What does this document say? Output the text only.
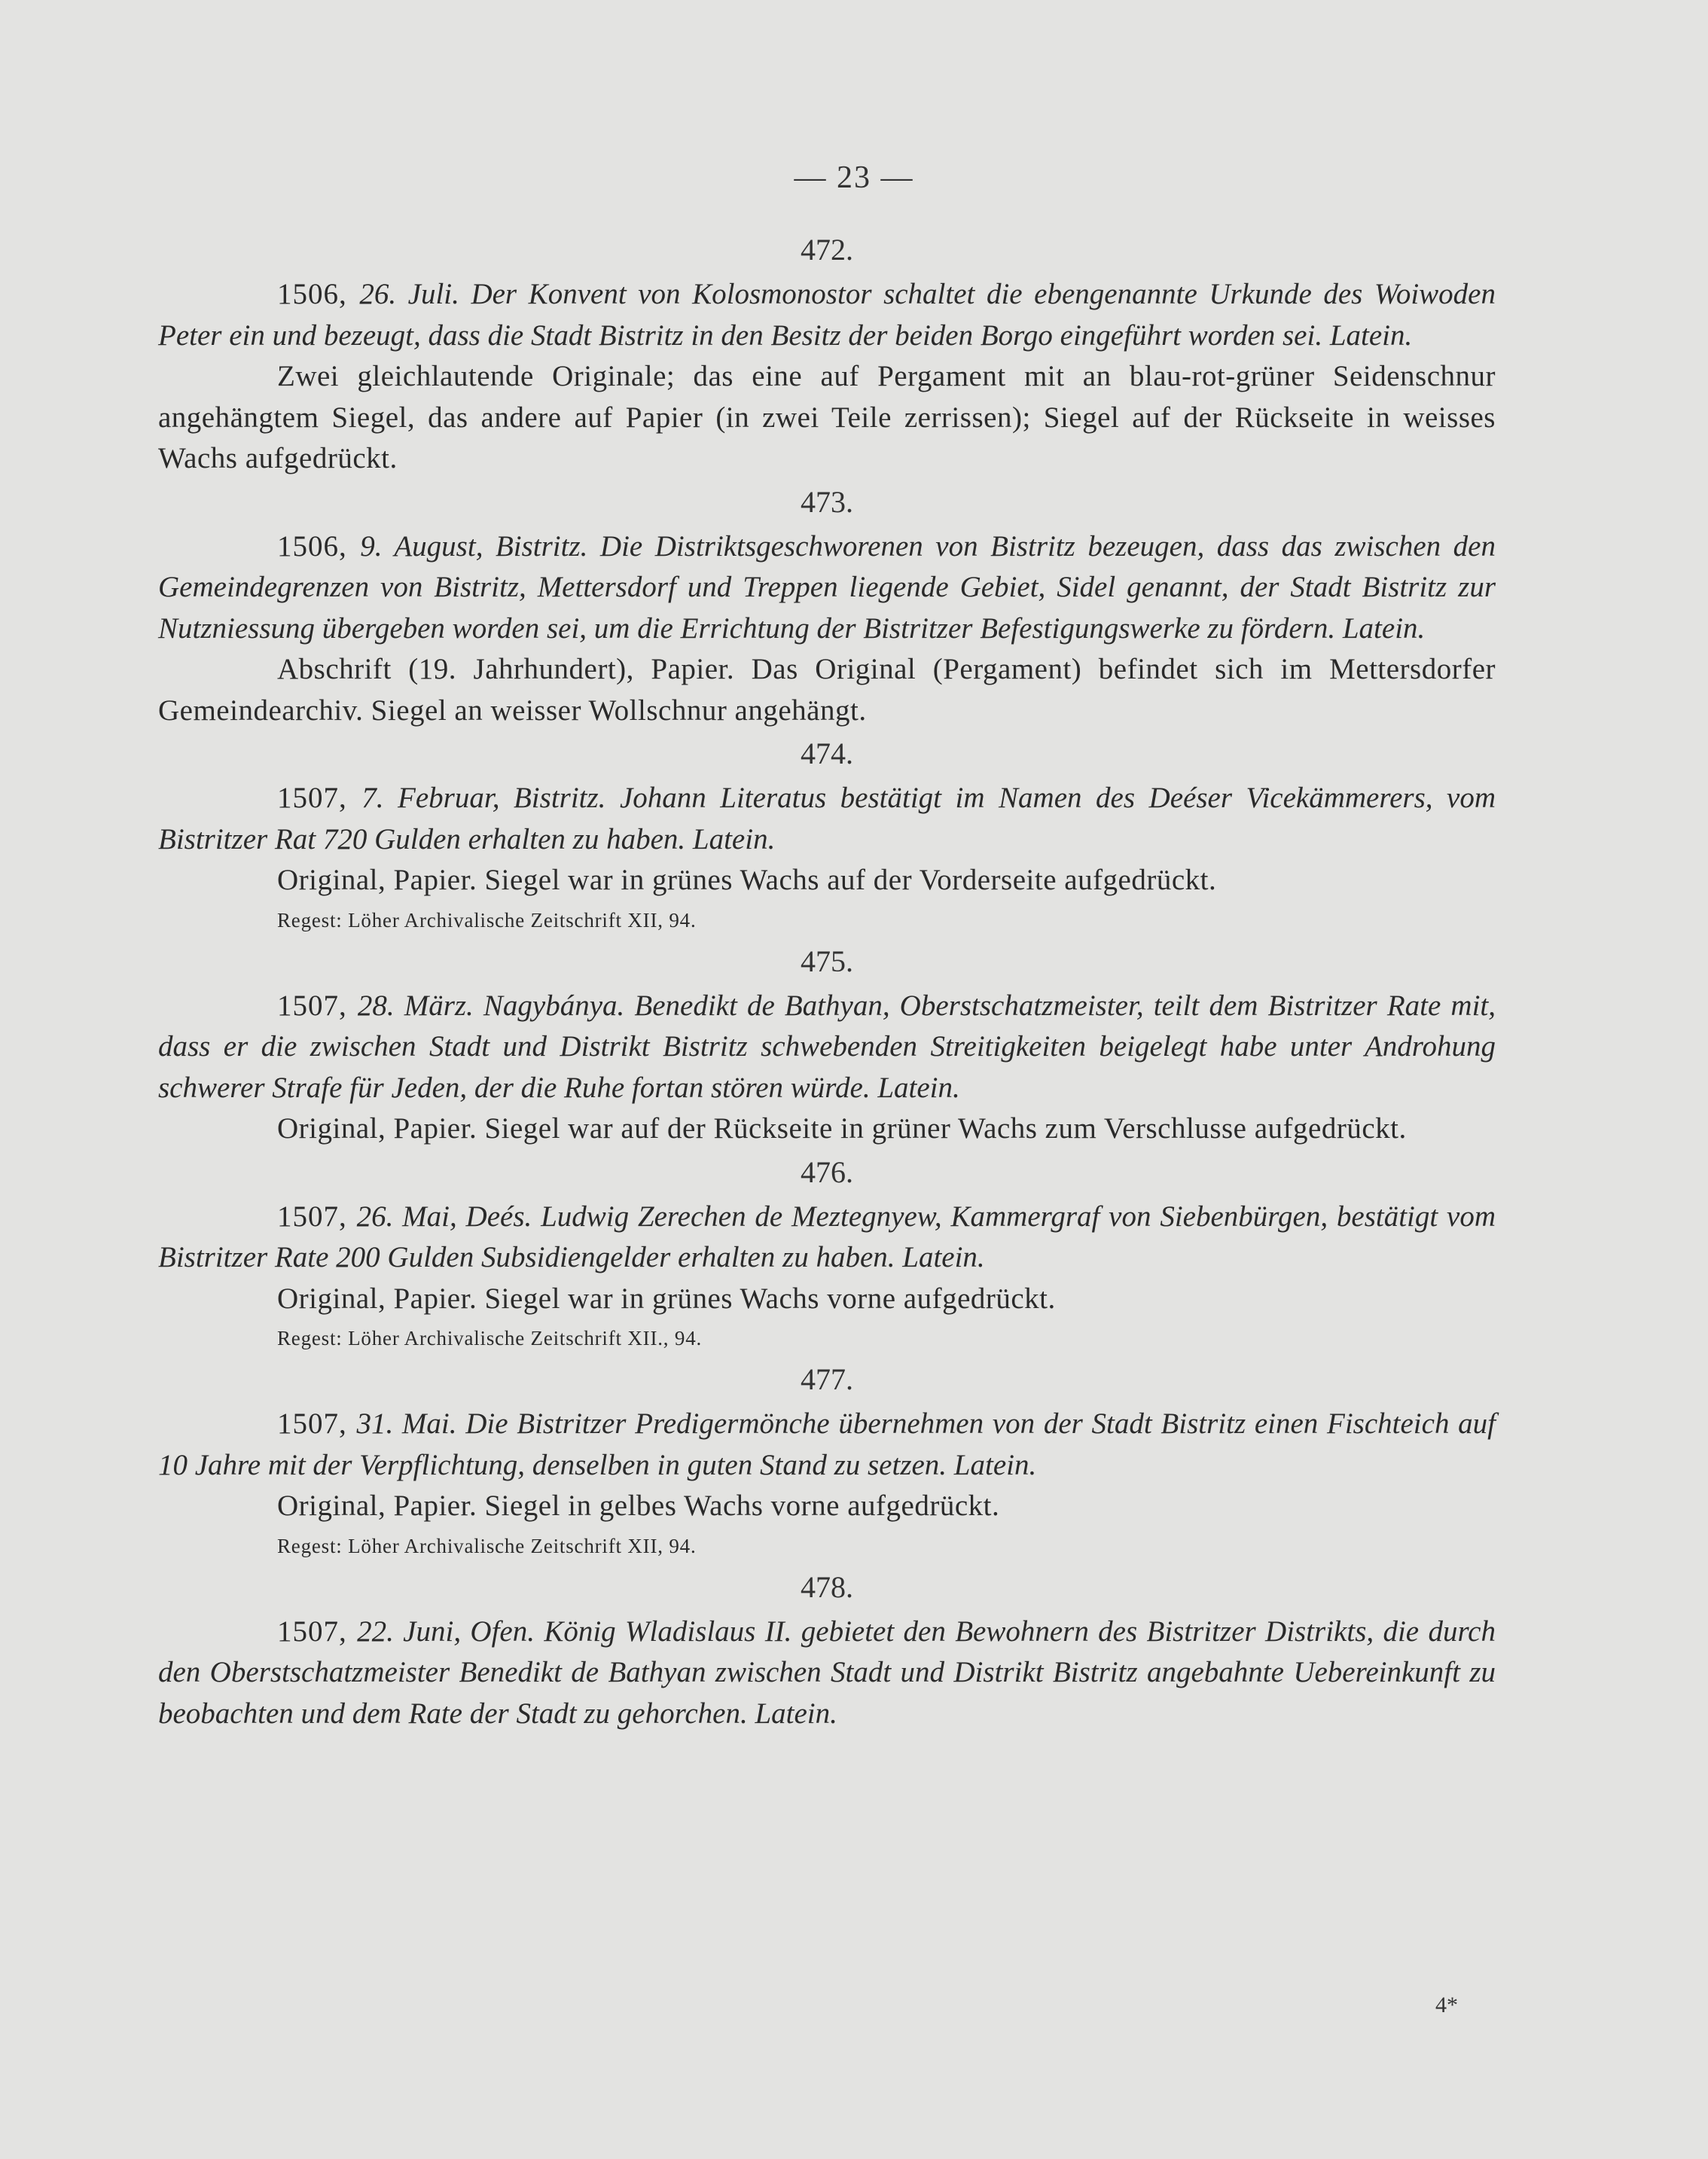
— 23 —
472.

1506, 26. Juli. Der Konvent von Kolosmonostor schaltet die ebengenannte Urkunde des Woiwoden Peter ein und bezeugt, dass die Stadt Bistritz in den Besitz der beiden Borgo eingeführt worden sei. Latein.

Zwei gleichlautende Originale; das eine auf Pergament mit an blau-rot-grüner Seidenschnur angehängtem Siegel, das andere auf Papier (in zwei Teile zerrissen); Siegel auf der Rückseite in weisses Wachs aufgedrückt.

473.

1506, 9. August, Bistritz. Die Distriktsgeschworenen von Bistritz bezeugen, dass das zwischen den Gemeindegrenzen von Bistritz, Mettersdorf und Treppen liegende Gebiet, Sidel genannt, der Stadt Bistritz zur Nutzniessung übergeben worden sei, um die Errichtung der Bistritzer Befestigungswerke zu fördern. Latein.

Abschrift (19. Jahrhundert), Papier. Das Original (Pergament) befindet sich im Mettersdorfer Gemeindearchiv. Siegel an weisser Wollschnur angehängt.

474.

1507, 7. Februar, Bistritz. Johann Literatus bestätigt im Namen des Deéser Vicekämmerers, vom Bistritzer Rat 720 Gulden erhalten zu haben. Latein.

Original, Papier. Siegel war in grünes Wachs auf der Vorderseite aufgedrückt.

Regest: Löher Archivalische Zeitschrift XII, 94.

475.

1507, 28. März. Nagybánya. Benedikt de Bathyan, Oberstschatzmeister, teilt dem Bistritzer Rate mit, dass er die zwischen Stadt und Distrikt Bistritz schwebenden Streitigkeiten beigelegt habe unter Androhung schwerer Strafe für Jeden, der die Ruhe fortan stören würde. Latein.

Original, Papier. Siegel war auf der Rückseite in grüner Wachs zum Verschlusse aufgedrückt.

476.

1507, 26. Mai, Deés. Ludwig Zerechen de Meztegnyew, Kammergraf von Siebenbürgen, bestätigt vom Bistritzer Rate 200 Gulden Subsidiengelder erhalten zu haben. Latein.

Original, Papier. Siegel war in grünes Wachs vorne aufgedrückt.

Regest: Löher Archivalische Zeitschrift XII., 94.

477.

1507, 31. Mai. Die Bistritzer Predigermönche übernehmen von der Stadt Bistritz einen Fischteich auf 10 Jahre mit der Verpflichtung, denselben in guten Stand zu setzen. Latein.

Original, Papier. Siegel in gelbes Wachs vorne aufgedrückt.

Regest: Löher Archivalische Zeitschrift XII, 94.

478.

1507, 22. Juni, Ofen. König Wladislaus II. gebietet den Bewohnern des Bistritzer Distrikts, die durch den Oberstschatzmeister Benedikt de Bathyan zwischen Stadt und Distrikt Bistritz angebahnte Uebereinkunft zu beobachten und dem Rate der Stadt zu gehorchen. Latein.

4*
